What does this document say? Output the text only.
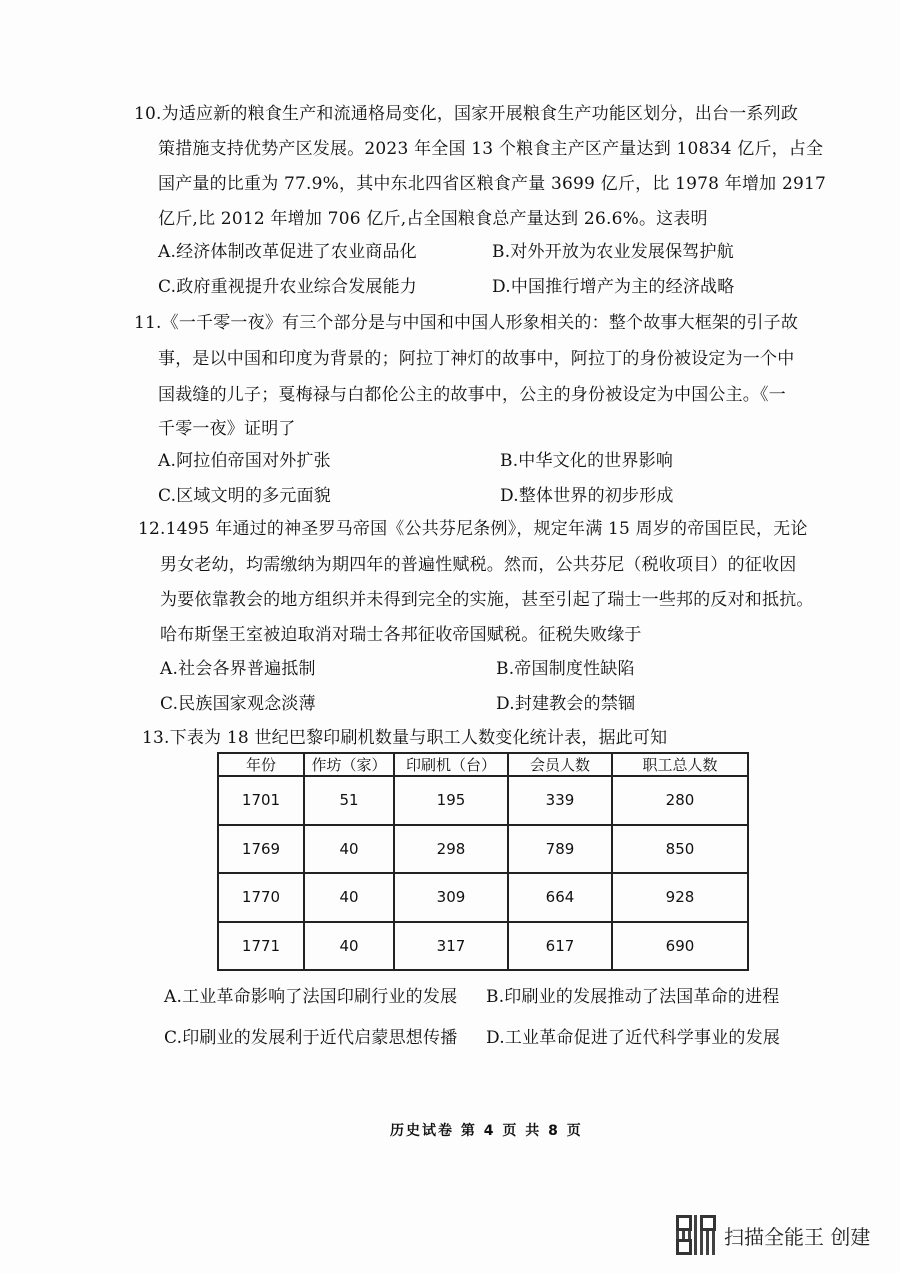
10.为适应新的粮食生产和流通格局变化，国家开展粮食生产功能区划分，出台一系列政
策措施支持优势产区发展。2023 年全国 13 个粮食主产区产量达到 10834 亿斤，占全
国产量的比重为 77.9%，其中东北四省区粮食产量 3699 亿斤，比 1978 年增加 2917
亿斤,比 2012 年增加 706 亿斤,占全国粮食总产量达到 26.6%。这表明
A.经济体制改革促进了农业商品化	B.对外开放为农业发展保驾护航
C.政府重视提升农业综合发展能力	D.中国推行增产为主的经济战略
11.《一千零一夜》有三个部分是与中国和中国人形象相关的：整个故事大框架的引子故
事，是以中国和印度为背景的；阿拉丁神灯的故事中，阿拉丁的身份被设定为一个中
国裁缝的儿子；戛梅禄与白都伦公主的故事中，公主的身份被设定为中国公主。《一
千零一夜》证明了
A.阿拉伯帝国对外扩张	B.中华文化的世界影响
C.区域文明的多元面貌	D.整体世界的初步形成
12.1495 年通过的神圣罗马帝国《公共芬尼条例》，规定年满 15 周岁的帝国臣民，无论
男女老幼，均需缴纳为期四年的普遍性赋税。然而，公共芬尼（税收项目）的征收因
为要依靠教会的地方组织并未得到完全的实施，甚至引起了瑞士一些邦的反对和抵抗。
哈布斯堡王室被迫取消对瑞士各邦征收帝国赋税。征税失败缘于
A.社会各界普遍抵制	B.帝国制度性缺陷
C.民族国家观念淡薄	D.封建教会的禁锢
13.下表为 18 世纪巴黎印刷机数量与职工人数变化统计表，据此可知
年份	作坊（家）	印刷机（台）	会员人数	职工总人数
1701	51	195	339	280
1769	40	298	789	850
1770	40	309	664	928
1771	40	317	617	690
A.工业革命影响了法国印刷行业的发展 B.印刷业的发展推动了法国革命的进程
C.印刷业的发展利于近代启蒙思想传播 D.工业革命促进了近代科学事业的发展
历史试卷 第 4 页 共 8 页
扫描全能王 创建
